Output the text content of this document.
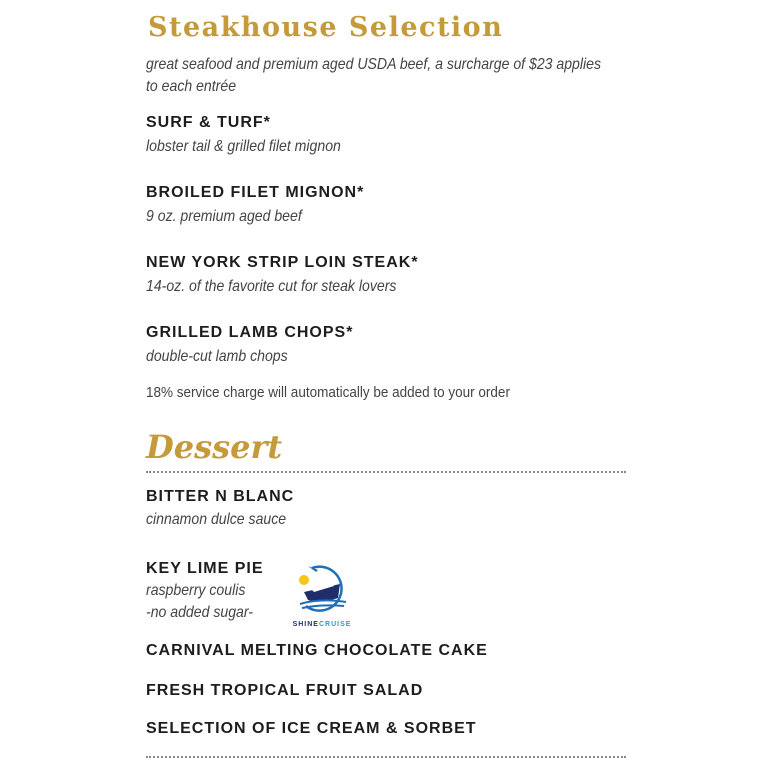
Steakhouse Selection
great seafood and premium aged USDA beef, a surcharge of $23 applies to each entrée
SURF & TURF*
lobster tail & grilled filet mignon
BROILED FILET MIGNON*
9 oz. premium aged beef
NEW YORK STRIP LOIN STEAK*
14-oz. of the favorite cut for steak lovers
GRILLED LAMB CHOPS*
double-cut lamb chops
18% service charge will automatically be added to your order
Dessert
BITTER N BLANC
cinnamon dulce sauce
KEY LIME PIE
raspberry coulis
-no added sugar-
SHINECRUISE
CARNIVAL MELTING CHOCOLATE CAKE
FRESH TROPICAL FRUIT SALAD
SELECTION OF ICE CREAM & SORBET
